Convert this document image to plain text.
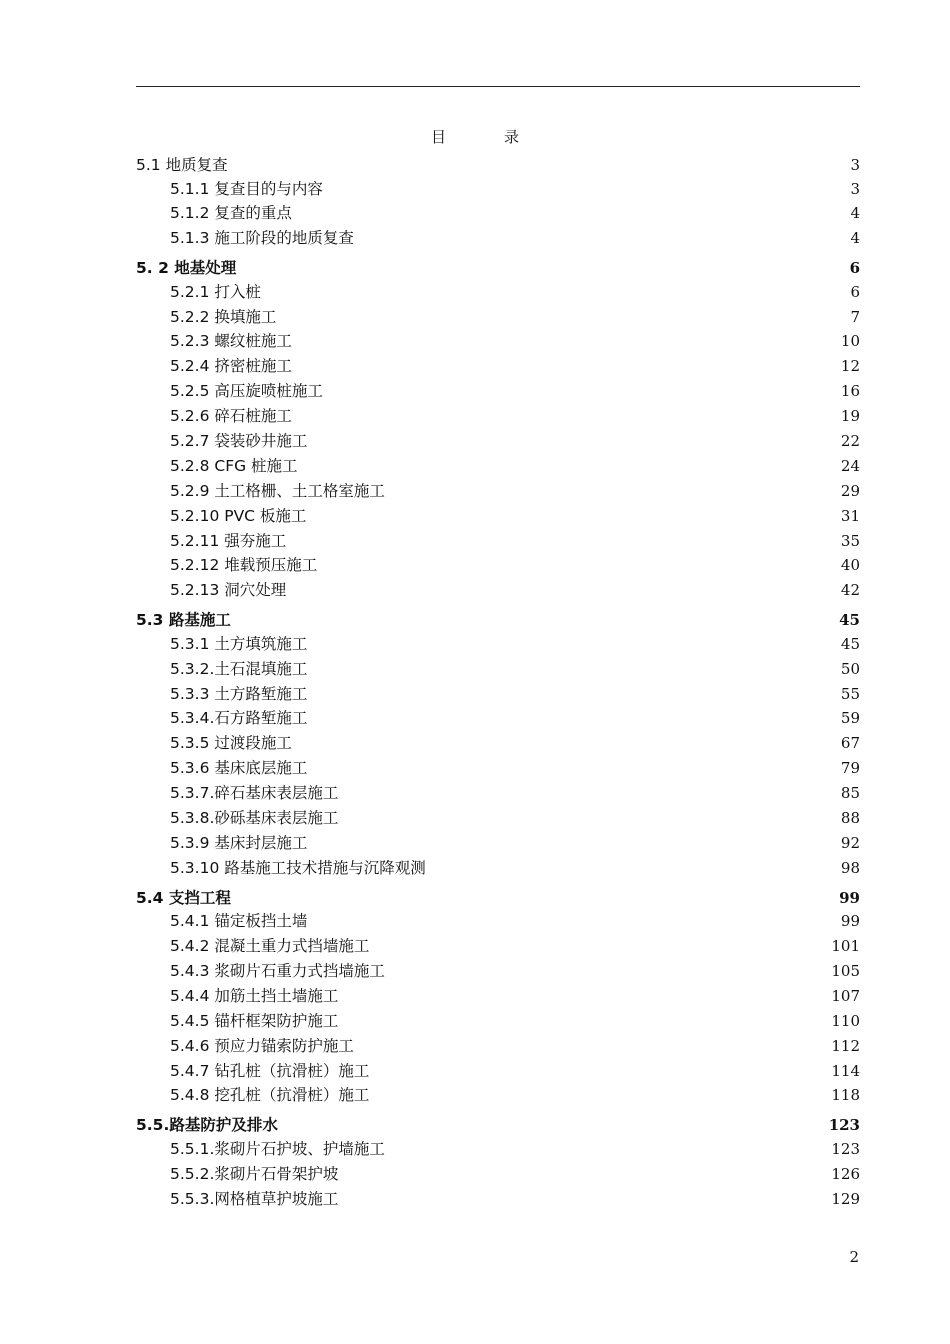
目	录
5.1 地质复查	3
5.1.1 复查目的与内容	3
5.1.2 复查的重点	4
5.1.3 施工阶段的地质复查	4
5. 2 地基处理	6
5.2.1 打入桩	6
5.2.2 换填施工	7
5.2.3 螺纹桩施工	10
5.2.4 挤密桩施工	12
5.2.5 高压旋喷桩施工	16
5.2.6 碎石桩施工	19
5.2.7 袋装砂井施工	22
5.2.8 CFG 桩施工	24
5.2.9 土工格栅、土工格室施工	29
5.2.10 PVC 板施工	31
5.2.11 强夯施工	35
5.2.12 堆载预压施工	40
5.2.13 洞穴处理	42
5.3 路基施工	45
5.3.1 土方填筑施工	45
5.3.2.土石混填施工	50
5.3.3 土方路堑施工	55
5.3.4.石方路堑施工	59
5.3.5 过渡段施工	67
5.3.6 基床底层施工	79
5.3.7.碎石基床表层施工	85
5.3.8.砂砾基床表层施工	88
5.3.9 基床封层施工	92
5.3.10 路基施工技术措施与沉降观测	98
5.4 支挡工程	99
5.4.1 锚定板挡土墙	99
5.4.2 混凝土重力式挡墙施工	101
5.4.3 浆砌片石重力式挡墙施工	105
5.4.4 加筋土挡土墙施工	107
5.4.5 锚杆框架防护施工	110
5.4.6 预应力锚索防护施工	112
5.4.7 钻孔桩（抗滑桩）施工	114
5.4.8 挖孔桩（抗滑桩）施工	118
5.5.路基防护及排水	123
5.5.1.浆砌片石护坡、护墙施工	123
5.5.2.浆砌片石骨架护坡	126
5.5.3.网格植草护坡施工	129
2
